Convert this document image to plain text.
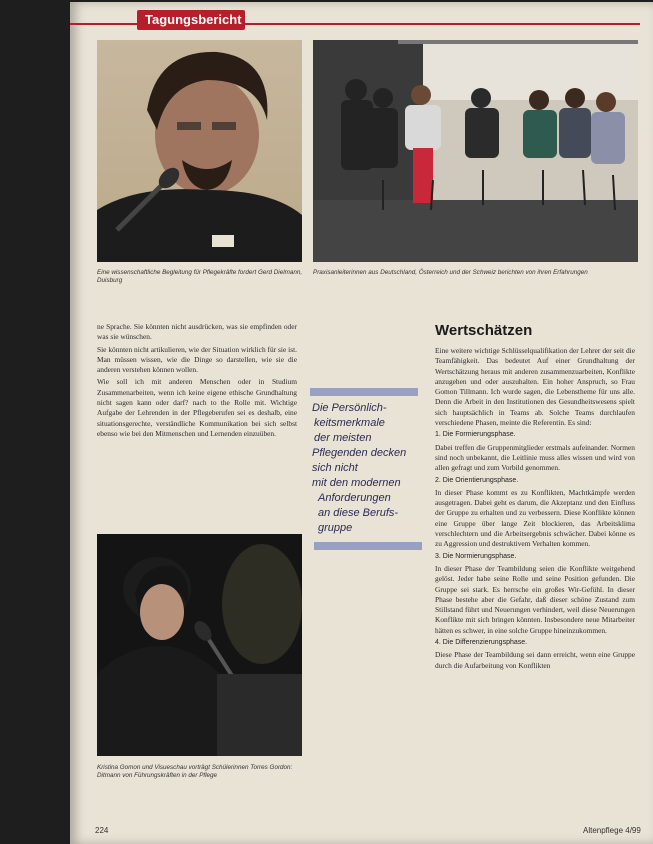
Tagungsbericht
Eine wissenschaftliche Begleitung für Pflegekräfte fordert Gerd Dielmann, Duisburg
Praxisanleiterinnen aus Deutschland, Österreich und der Schweiz berichten von ihren Erfahrungen

ne Sprache. Sie könnten nicht ausdrücken, was sie empfinden oder was sie wünschen.

Sie könnten nicht artikulieren, wie der Situation wirklich für sie ist. Man müssen wissen, wie die Dinge so darstellen, wie sie die anderen verstehen können wollen.

Wie soll ich mit anderen Menschen oder in Studium Zusammenarbeiten, wenn ich keine eigene ethische Grundhaltung nicht sagen kann oder darf? nach to the Rolle mit. Wichtige Aufgabe der Lehrenden in der Pflegeberufen sei es deshalb, eine situationsgerechte, verständliche Kommunikation bei sich selbst ebenso wie bei den Mitmenschen und Lernenden einzuüben.

Die Persönlich-
keitsmerkmale
der meisten
Pflegenden decken
sich nicht
mit den modernen
Anforderungen
an diese Berufs-
gruppe
Wertschätzen

Eine weitere wichtige Schlüsselqualifikation der Lehrer der seit die Teamfähigkeit. Das bedeutet Auf einer Grundhaltung der Wertschätzung heraus mit anderen zusammenzuarbeiten, Konflikte anzugehen und oder auszuhalten. Ein hoher Anspruch, so Frau Gomon Tillmann. Ich wurde sagen, die Lebenstheme für uns alle. Denn die Arbeit in den Institutionen des Gesundheitswesens spielt sich hauptsächlich in Teams ab. Solche Teams durchlaufen verschiedene Phasen, meinte die Referentin. Es sind:

1. Die Formierungsphase.

Dabei treffen die Gruppenmitglieder erstmals aufeinander. Normen sind noch unbekannt, die Leitlinie muss alles wissen und wird von allen gefragt und zum Vorbild genommen.

2. Die Orientierungsphase.

In dieser Phase kommt es zu Konflikten, Machtkämpfe werden ausgetragen. Dabei geht es darum, die Akzeptanz und den Einfluss der Gruppe zu erhalten und zu verbessern. Diese Konflikte können eine Gruppe über lange Zeit blockieren, das Arbeitsklima verschlechtern und die Arbeitsergebnis schwächer. Dabei könne es zu Aggression und destruktivem Verhalten kommen.

3. Die Normierungsphase.

In dieser Phase der Teambildung seien die Konflikte weitgehend gelöst. Jeder habe seine Rolle und seine Position gefunden. Die Gruppe sei stark. Es herrsche ein großes Wir-Gefühl. In dieser Phase bestehe aber die Gefahr, daß dieser schöne Zustand zum Stillstand führt und Neuerungen verhindert, weil diese Neuerungen Konflikte mit sich bringen könnten. Insbesondere neue Mitarbeiter hätten es schwer, in eine solche Gruppe hineinzukommen.

4. Die Differenzierungsphase.

Diese Phase der Teambildung sei dann erreicht, wenn eine Gruppe durch die Aufarbeitung von Konflikten

Kristina Gomon und Visueschau vorträgt Schülerinnen Torres Gordon: Ditmann von Führungskräften in der Pflege
224	Altenpflege 4/99
